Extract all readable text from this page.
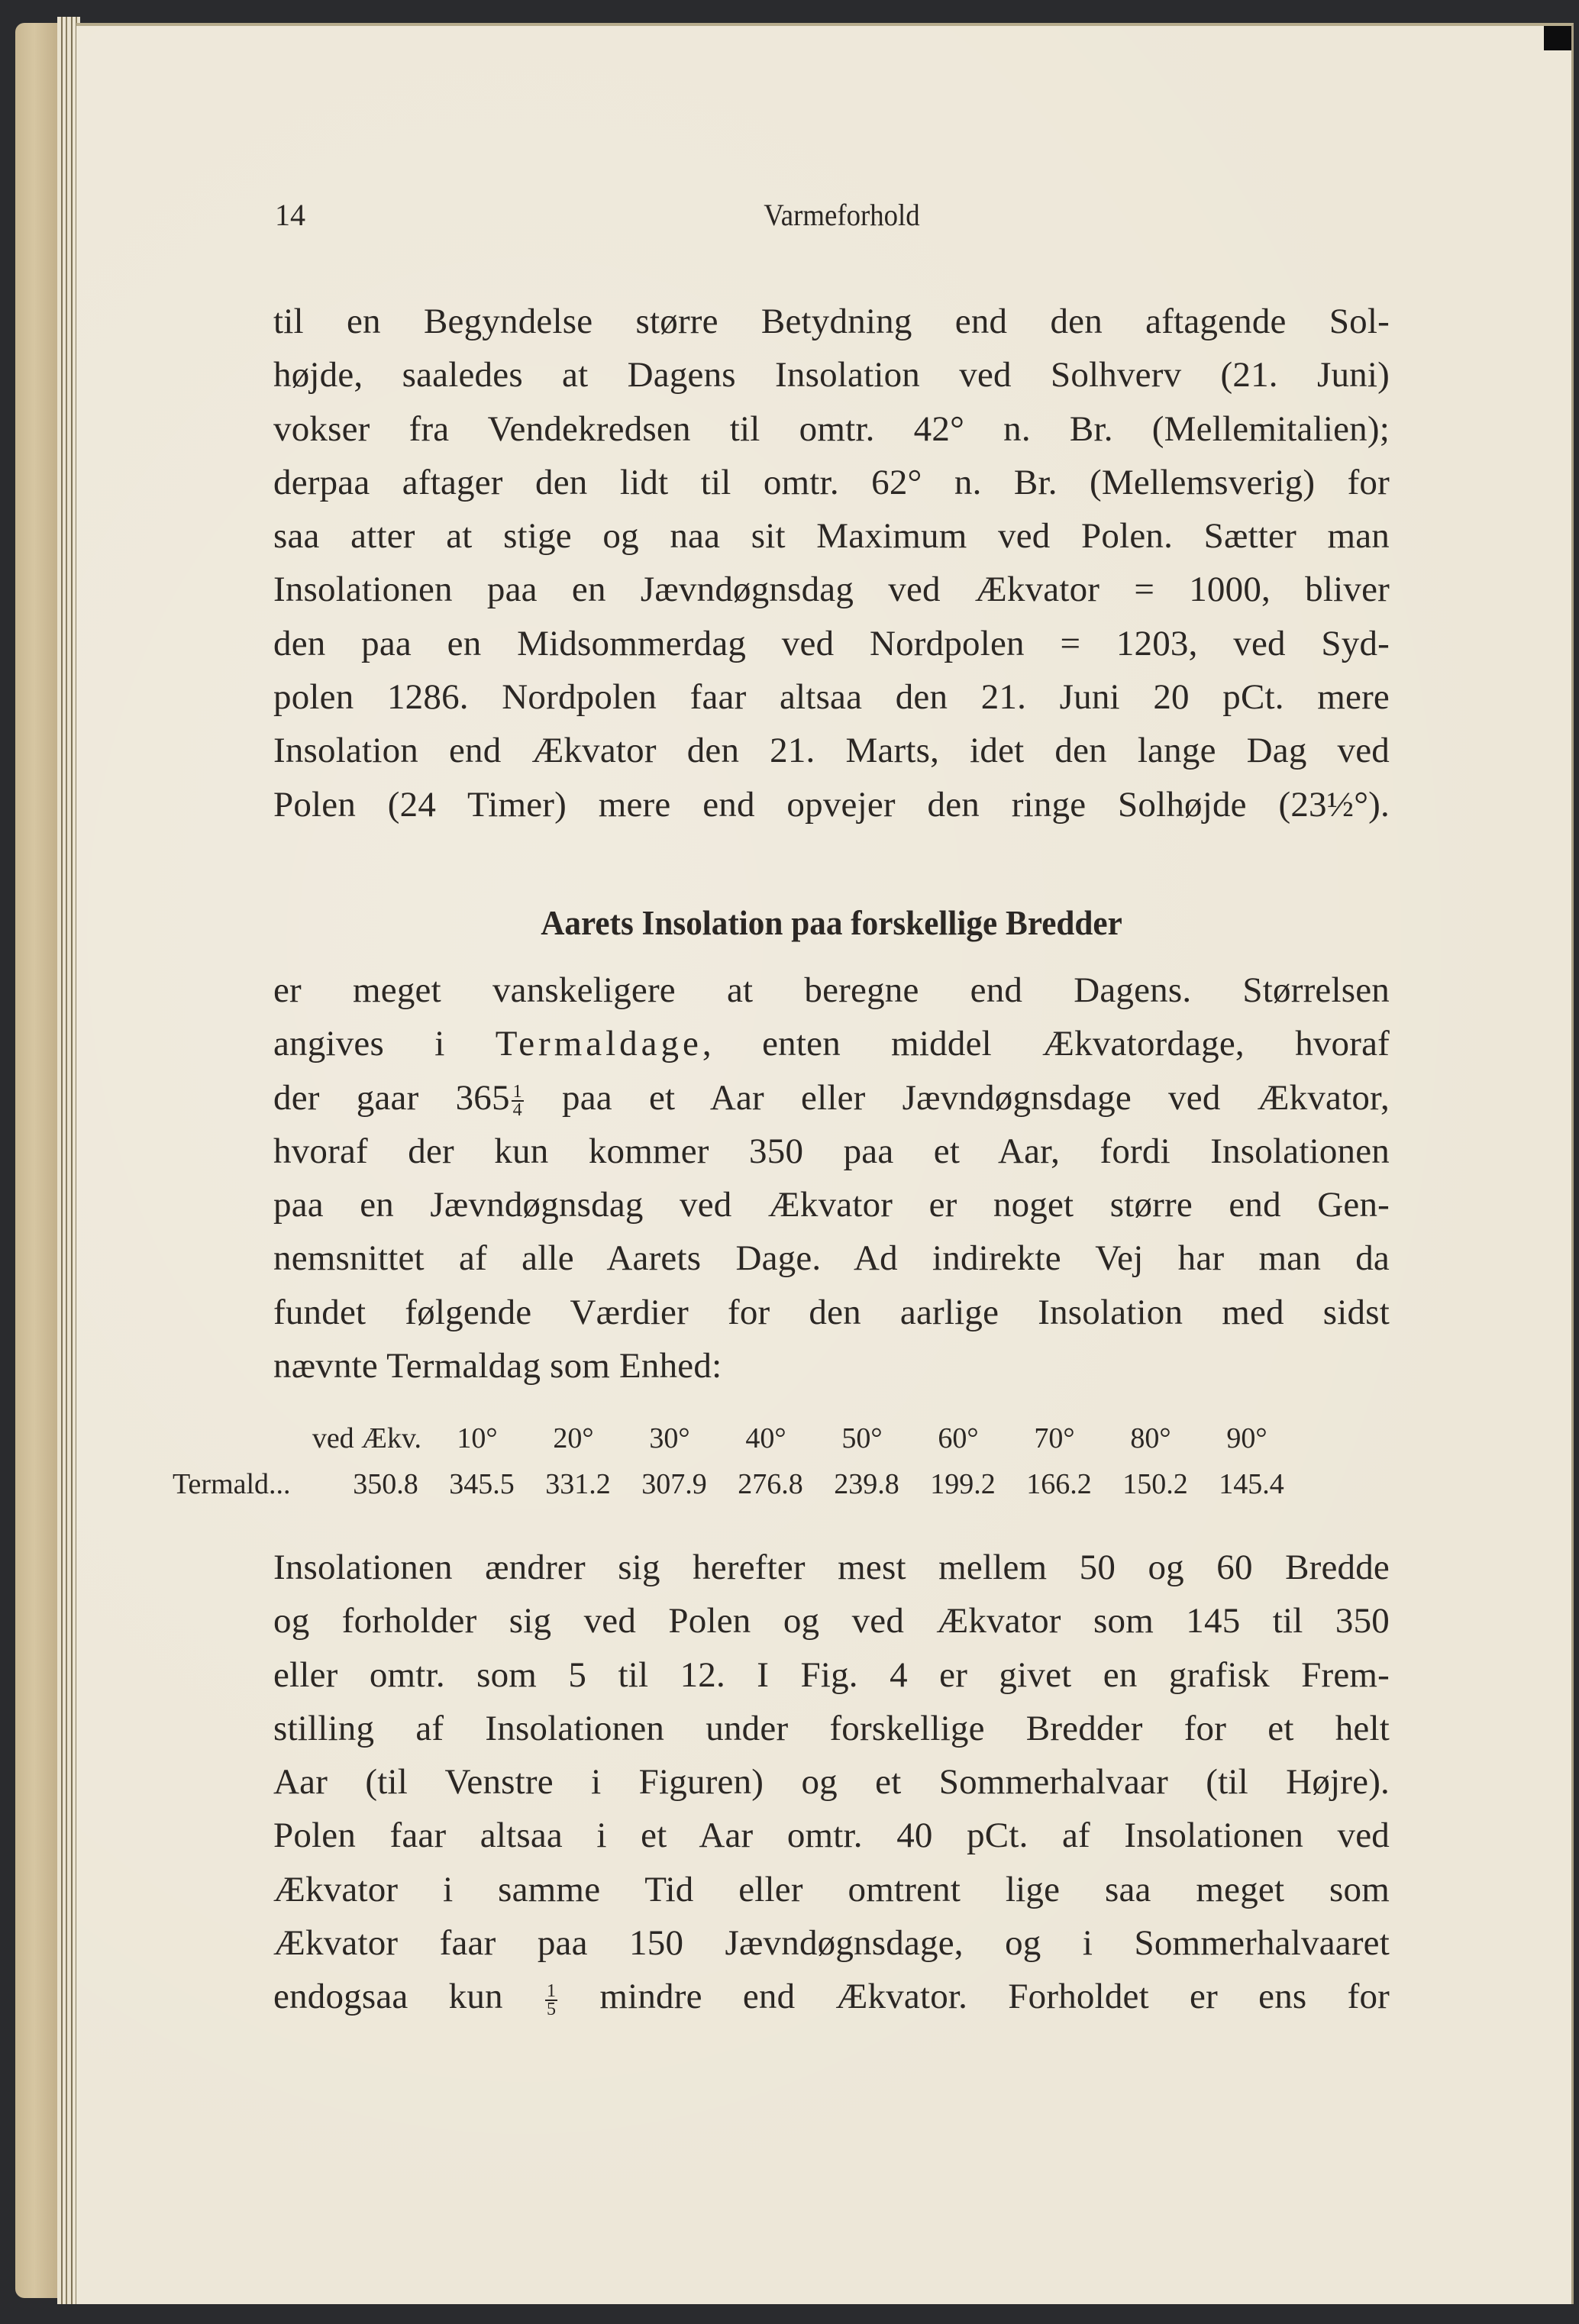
14	Varmeforhold
til en Begyndelse større Betydning end den aftagende Sol-
højde, saaledes at Dagens Insolation ved Solhverv (21. Juni)
vokser fra Vendekredsen til omtr. 42° n. Br. (Mellemitalien);
derpaa aftager den lidt til omtr. 62° n. Br. (Mellemsverig) for
saa atter at stige og naa sit Maximum ved Polen. Sætter man
Insolationen paa en Jævndøgnsdag ved Ækvator = 1000, bliver
den paa en Midsommerdag ved Nordpolen = 1203, ved Syd-
polen 1286. Nordpolen faar altsaa den 21. Juni 20 pCt. mere
Insolation end Ækvator den 21. Marts, idet den lange Dag ved
Polen (24 Timer) mere end opvejer den ringe Solhøjde (23½°).
Aarets Insolation paa forskellige Bredder
er meget vanskeligere at beregne end Dagens. Størrelsen
angives i Termaldage, enten middel Ækvatordage, hvoraf
der gaar $365 \frac{1}{4}$ paa et Aar eller Jævndøgnsdage ved Ækvator,
hvoraf der kun kommer 350 paa et Aar, fordi Insolationen
paa en Jævndøgnsdag ved Ækvator er noget større end Gen-
nemsnittet af alle Aarets Dage. Ad indirekte Vej har man da
fundet følgende Værdier for den aarlige Insolation med sidst
nævnte Termaldag som Enhed:
ved Ækv.	10°	20°	30°	40°	50°	60°	70°	80°	90°
Termald...	350.8	345.5	331.2	307.9	276.8	239.8	199.2	166.2	150.2	145.4
Insolationen ændrer sig herefter mest mellem 50 og 60 Bredde
og forholder sig ved Polen og ved Ækvator som 145 til 350
eller omtr. som 5 til 12. I Fig. 4 er givet en grafisk Frem-
stilling af Insolationen under forskellige Bredder for et helt
Aar (til Venstre i Figuren) og et Sommerhalvaar (til Højre).
Polen faar altsaa i et Aar omtr. 40 pCt. af Insolationen ved
Ækvator i samme Tid eller omtrent lige saa meget som
Ækvator faar paa 150 Jævndøgnsdage, og i Sommerhalvaaret
endogsaa kun $\frac{1}{5}$ mindre end Ækvator. Forholdet er ens for
